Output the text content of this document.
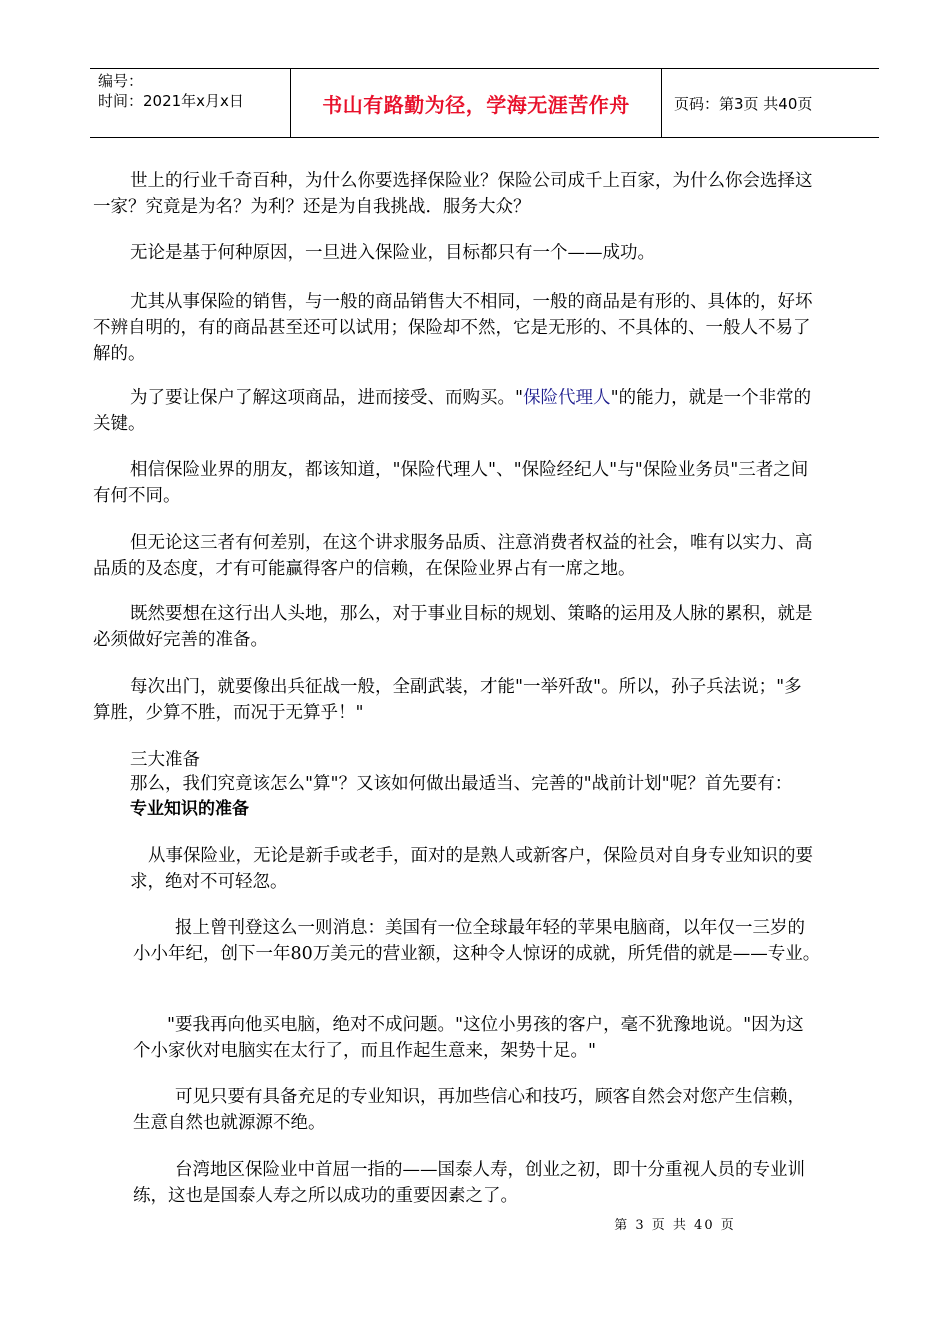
编号：
时间：2021年x月x日	书山有路勤为径，学海无涯苦作舟	页码：第3页 共40页
世上的行业千奇百种，为什么你要选择保险业？保险公司成千上百家，为什么你会选择这
一家？究竟是为名？为利？还是为自我挑战．服务大众？
无论是基于何种原因，一旦进入保险业，目标都只有一个——成功。
尤其从事保险的销售，与一般的商品销售大不相同，一般的商品是有形的、具体的，好坏
不辨自明的，有的商品甚至还可以试用；保险却不然，它是无形的、不具体的、一般人不易了
解的。
为了要让保户了解这项商品，进而接受、而购买。"保险代理人"的能力，就是一个非常的
关键。
相信保险业界的朋友，都该知道，"保险代理人"、"保险经纪人"与"保险业务员"三者之间
有何不同。
但无论这三者有何差别，在这个讲求服务品质、注意消费者权益的社会，唯有以实力、高
品质的及态度，才有可能赢得客户的信赖，在保险业界占有一席之地。
既然要想在这行出人头地，那么，对于事业目标的规划、策略的运用及人脉的累积，就是
必须做好完善的准备。
每次出门，就要像出兵征战一般，全副武装，才能"一举歼敌"。所以，孙子兵法说；"多
算胜，少算不胜，而况于无算乎！"
三大准备
那么，我们究竟该怎么"算"？又该如何做出最适当、完善的"战前计划"呢？首先要有：
专业知识的准备
从事保险业，无论是新手或老手，面对的是熟人或新客户，保险员对自身专业知识的要
求，绝对不可轻忽。
报上曾刊登这么一则消息：美国有一位全球最年轻的苹果电脑商，以年仅一三岁的
小小年纪，创下一年80万美元的营业额，这种令人惊讶的成就，所凭借的就是——专业。
"要我再向他买电脑，绝对不成问题。"这位小男孩的客户，毫不犹豫地说。"因为这
个小家伙对电脑实在太行了，而且作起生意来，架势十足。"
可见只要有具备充足的专业知识，再加些信心和技巧，顾客自然会对您产生信赖，
生意自然也就源源不绝。
台湾地区保险业中首屈一指的——国泰人寿，创业之初，即十分重视人员的专业训
练，这也是国泰人寿之所以成功的重要因素之了。
第 3 页 共 40 页
